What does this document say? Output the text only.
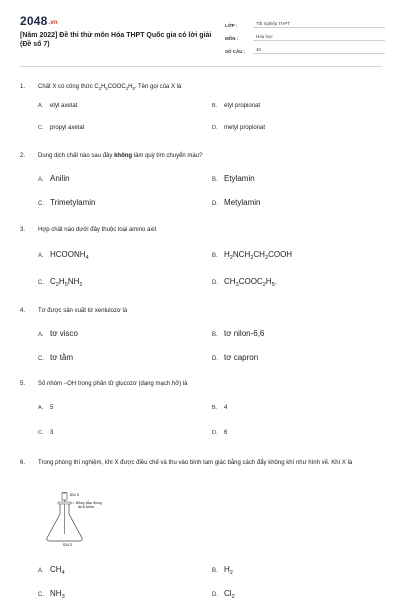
2048.vn
[Năm 2022] Đề thi thử môn Hóa THPT Quốc gia có lời giải (Đề số 7)
LỚP :	Tốt nghiệp THPT
MÔN :	Hóa học
SỐ CÂU :	40
1. Chất X có công thức $C_2H_5COOC_2H_5$. Tên gọi của X là
A. etyl axetat	B. etyl propionat
C. propyl axetat	D. metyl propionat
2. Dung dịch chất nào sau đây không làm quỳ tím chuyển màu?
A. Anilin	B. Etylamin
C. Trimetylamin	D. Metylamin
3. Hợp chất nào dưới đây thuộc loại amino axit
A. $HCOONH_4$	B. $H_2NCH_2CH_2COOH$
C. $C_2H_5NH_2$	D. $CH_3COOC_2H_5$.
4. Tơ được sản xuất từ xenlulozơ là
A. tơ visco	B. tơ nilon-6,6
C. tơ tằm	D. tơ capron
5. Số nhóm −OH trong phân tử glucozơ (dạng mạch hở) là
A. 5	B. 4
C. 3	D. 6
6. Trong phòng thí nghiệm, khí X được điều chế và thu vào bình tam giác bằng cách đẩy không khí như hình vẽ. Khí X là
A. $CH_4$	B. $H_2$
C. $NH_3$	D. $Cl_2$
Khí X
Bông tẩm dung dịch kiềm
Khí X
